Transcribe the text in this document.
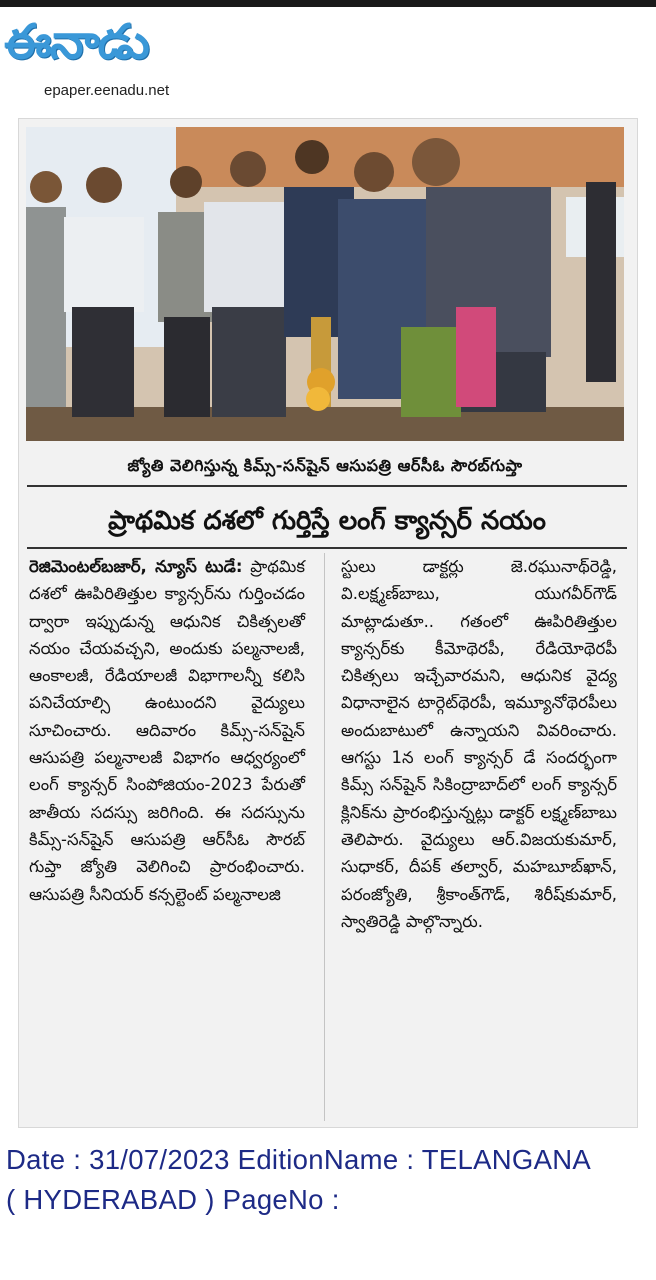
ఈనాడు
epaper.eenadu.net
జ్యోతి వెలిగిస్తున్న కిమ్స్‌-సన్‌షైన్‌ ఆసుపత్రి ఆర్‌సీఓ సౌరబ్‌గుప్తా
ప్రాథమిక దశలో గుర్తిస్తే లంగ్‌ క్యాన్సర్‌ నయం

రెజిమెంటల్‌బజార్‌, న్యూస్‌ టుడే: ప్రాథమిక దశలో ఊపిరితిత్తుల క్యాన్సర్‌ను గుర్తించడం ద్వారా ఇప్పుడున్న ఆధునిక చికిత్సలతో నయం చేయవచ్చని, అందుకు పల్మనాలజీ, ఆంకాలజీ, రేడియాలజీ విభాగాలన్నీ కలిసి పనిచేయాల్సి ఉంటుందని వైద్యులు సూచించారు. ఆదివారం కిమ్స్‌-సన్‌షైన్‌ ఆసుపత్రి పల్మనాలజీ విభాగం ఆధ్వర్యంలో లంగ్‌ క్యాన్సర్‌ సింపోజియం-2023 పేరుతో జాతీయ సదస్సు జరిగింది. ఈ సదస్సును కిమ్స్‌-సన్‌షైన్‌ ఆసుపత్రి ఆర్‌సీఓ సౌరబ్‌ గుప్తా జ్యోతి వెలిగించి ప్రారంభించారు. ఆసుపత్రి సీనియర్‌ కన్సల్టెంట్‌ పల్మనాలజి

స్టులు డాక్టర్లు జె.రఘునాథ్‌రెడ్డి, వి.లక్ష్మణ్‌బాబు, యుగవీర్‌గౌడ్‌ మాట్లాడుతూ.. గతంలో ఊపిరితిత్తుల క్యాన్సర్‌కు కీమోథెరపీ, రేడియోథెరపీ చికిత్సలు ఇచ్చేవారమని, ఆధునిక వైద్య విధానాలైన టార్గెట్‌థెరపీ, ఇమ్యూనోథెరపీలు అందుబాటులో ఉన్నాయని వివరించారు. ఆగస్టు 1న లంగ్‌ క్యాన్సర్‌ డే సందర్భంగా కిమ్స్‌ సన్‌షైన్‌ సికింద్రాబాద్‌లో లంగ్‌ క్యాన్సర్‌ క్లినిక్‌ను ప్రారంభిస్తున్నట్లు డాక్టర్‌ లక్ష్మణ్‌బాబు తెలిపారు. వైద్యులు ఆర్‌.విజయకుమార్‌, సుధాకర్‌, దీపక్‌ తల్వార్‌, మహబూబ్‌ఖాన్‌, పరంజ్యోతి, శ్రీకాంత్‌గౌడ్‌, శిరీష్‌కుమార్‌, స్వాతిరెడ్డి పాల్గొన్నారు.

Date : 31/07/2023 EditionName : TELANGANA
( HYDERABAD ) PageNo :
